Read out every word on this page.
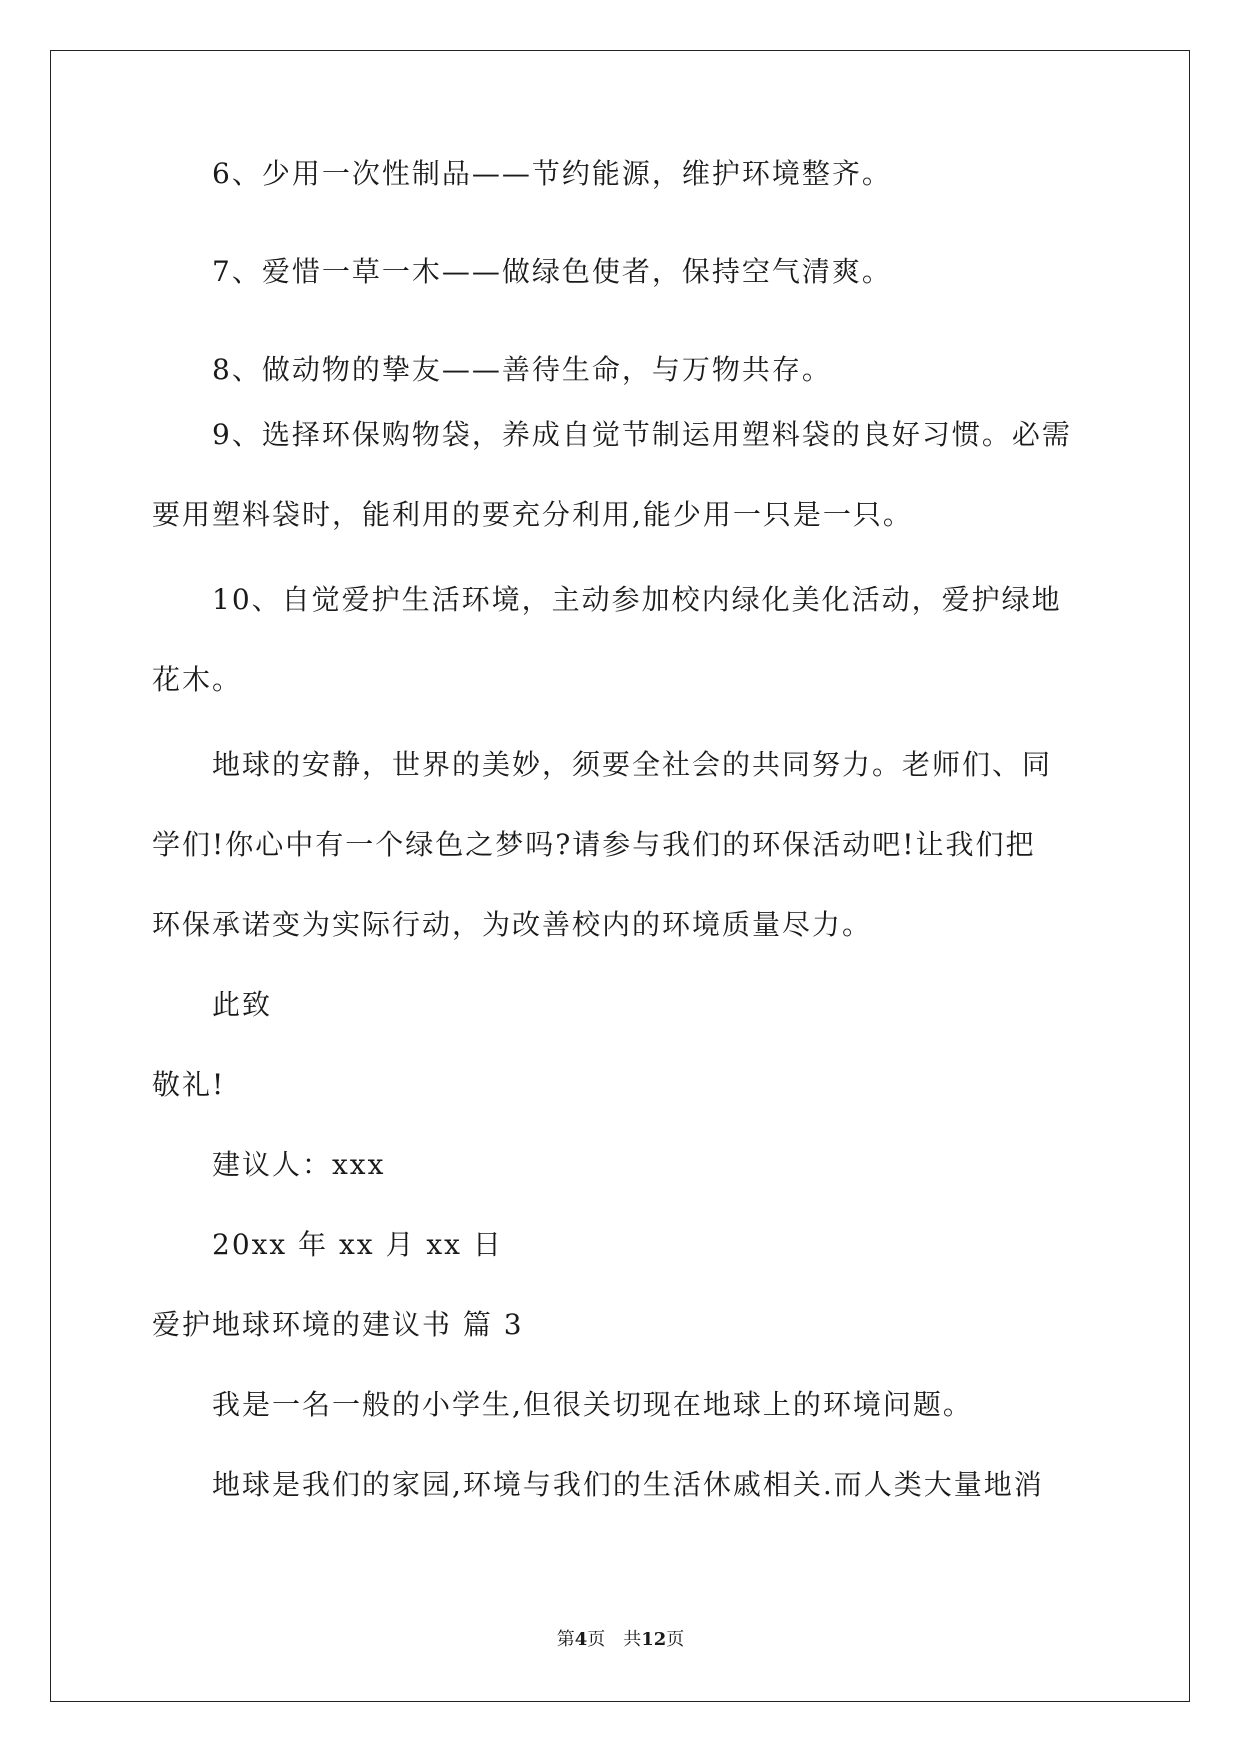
6、少用一次性制品——节约能源，维护环境整齐。
7、爱惜一草一木——做绿色使者，保持空气清爽。
8、做动物的挚友——善待生命，与万物共存。
9、选择环保购物袋，养成自觉节制运用塑料袋的良好习惯。必需
要用塑料袋时，能利用的要充分利用,能少用一只是一只。
10、自觉爱护生活环境，主动参加校内绿化美化活动，爱护绿地
花木。
地球的安静，世界的美妙，须要全社会的共同努力。老师们、同
学们!你心中有一个绿色之梦吗?请参与我们的环保活动吧!让我们把
环保承诺变为实际行动，为改善校内的环境质量尽力。
此致
敬礼!
建议人：xxx
20xx 年 xx 月 xx 日
爱护地球环境的建议书 篇 3
我是一名一般的小学生,但很关切现在地球上的环境问题。
地球是我们的家园,环境与我们的生活休戚相关.而人类大量地消
第4页 共12页
